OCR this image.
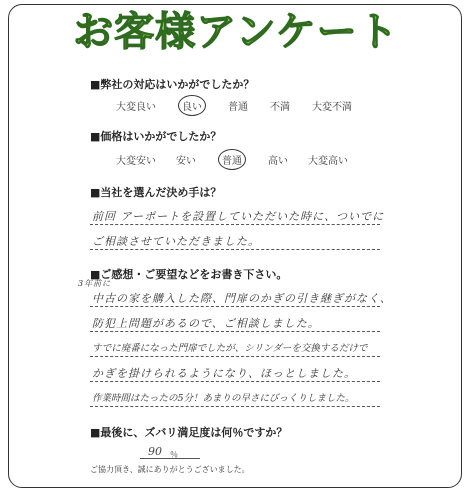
お客様アンケート
■弊社の対応はいかがでしたか？
大変良い	良い	普通 不満 大変不満
■価格はいかがでしたか？
大変安い 安い	普通	高い 大変高い
■当社を選んだ決め手は？
前回 アーポートを設置していただいた時に、ついでに
ご相談させていただきました。
■ご感想・ご要望などをお書き下さい。
3年前に
中古の家を購入した際、門扉のかぎの引き継ぎがなく、
防犯上問題があるので、ご相談しました。
すでに廃番になった門扉でしたが、シリンダーを交換するだけで
かぎを掛けられるようになり、ほっとしました。
作業時間はたったの5分！あまりの早さにびっくりしました。
■最後に、ズバリ満足度は何％ですか？
90 ％
ご協力頂き、誠にありがとうございました。
